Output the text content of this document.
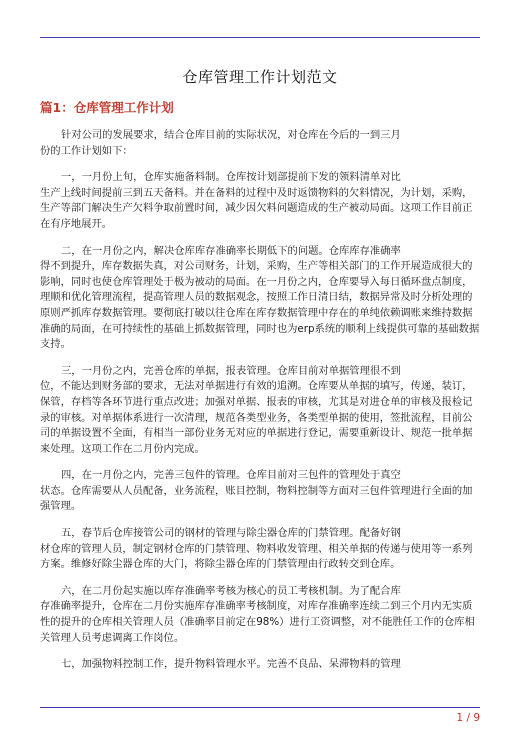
仓库管理工作计划范文
篇1：仓库管理工作计划
针对公司的发展要求，结合仓库目前的实际状况，对仓库在今后的一到三月
份的工作计划如下：
一，一月份上旬，仓库实施备料制。仓库按计划部提前下发的领料清单对比
生产上线时间提前三到五天备料。并在备料的过程中及时返馈物料的欠料情况，为计划，采购，
生产等部门解决生产欠料争取前置时间，减少因欠料问题造成的生产被动局面。这项工作目前正
在有序地展开。
二，在一月份之内，解决仓库库存准确率长期低下的问题。仓库库存准确率
得不到提升，库存数据失真，对公司财务，计划，采购，生产等相关部门的工作开展造成很大的
影响，同时也使仓库管理处于极为被动的局面。在一月份之内，仓库要导入每日循环盘点制度，
理顺和优化管理流程，提高管理人员的数据观念，按照工作日清日结，数据异常及时分析处理的
原则严抓库存数据管理。要彻底打破以往仓库在库存数据管理中存在的单纯依赖调账来维持数据
准确的局面，在可持续性的基础上抓数据管理，同时也为erp系统的顺利上线提供可靠的基础数据
支持。
三，一月份之内，完善仓库的单据，报表管理。仓库目前对单据管理很不到
位，不能达到财务部的要求，无法对单据进行有效的追溯。仓库要从单据的填写，传递，装订，
保管，存档等各环节进行重点改进；加强对单据、报表的审核，尤其是对进仓单的审核及报检记
录的审核。对单据体系进行一次清理，规范各类型业务，各类型单据的使用，签批流程，目前公
司的单据设置不全面，有相当一部份业务无对应的单据进行登记，需要重新设计、规范一批单据
来处理。这项工作在二月份内完成。
四，在一月份之内，完善三包件的管理。仓库目前对三包件的管理处于真空
状态。仓库需要从人员配备，业务流程，账目控制，物料控制等方面对三包件管理进行全面的加
强管理。
五，春节后仓库接管公司的钢材的管理与除尘器仓库的门禁管理。配备好钢
材仓库的管理人员，制定钢材仓库的门禁管理、物料收发管理、相关单据的传递与使用等一系列
方案。维修好除尘器仓库的大门，将除尘器仓库的门禁管理由行政转交到仓库。
六，在二月份起实施以库存准确率考核为核心的员工考核机制。为了配合库
存准确率提升，仓库在二月份实施库存准确率考核制度，对库存准确率连续二到三个月内无实质
性的提升的仓库相关管理人员（准确率目前定在98%）进行工资调整，对不能胜任工作的仓库相
关管理人员考虑调离工作岗位。
七，加强物料控制工作，提升物料管理水平。完善不良品、呆滞物料的管理
1 / 9
